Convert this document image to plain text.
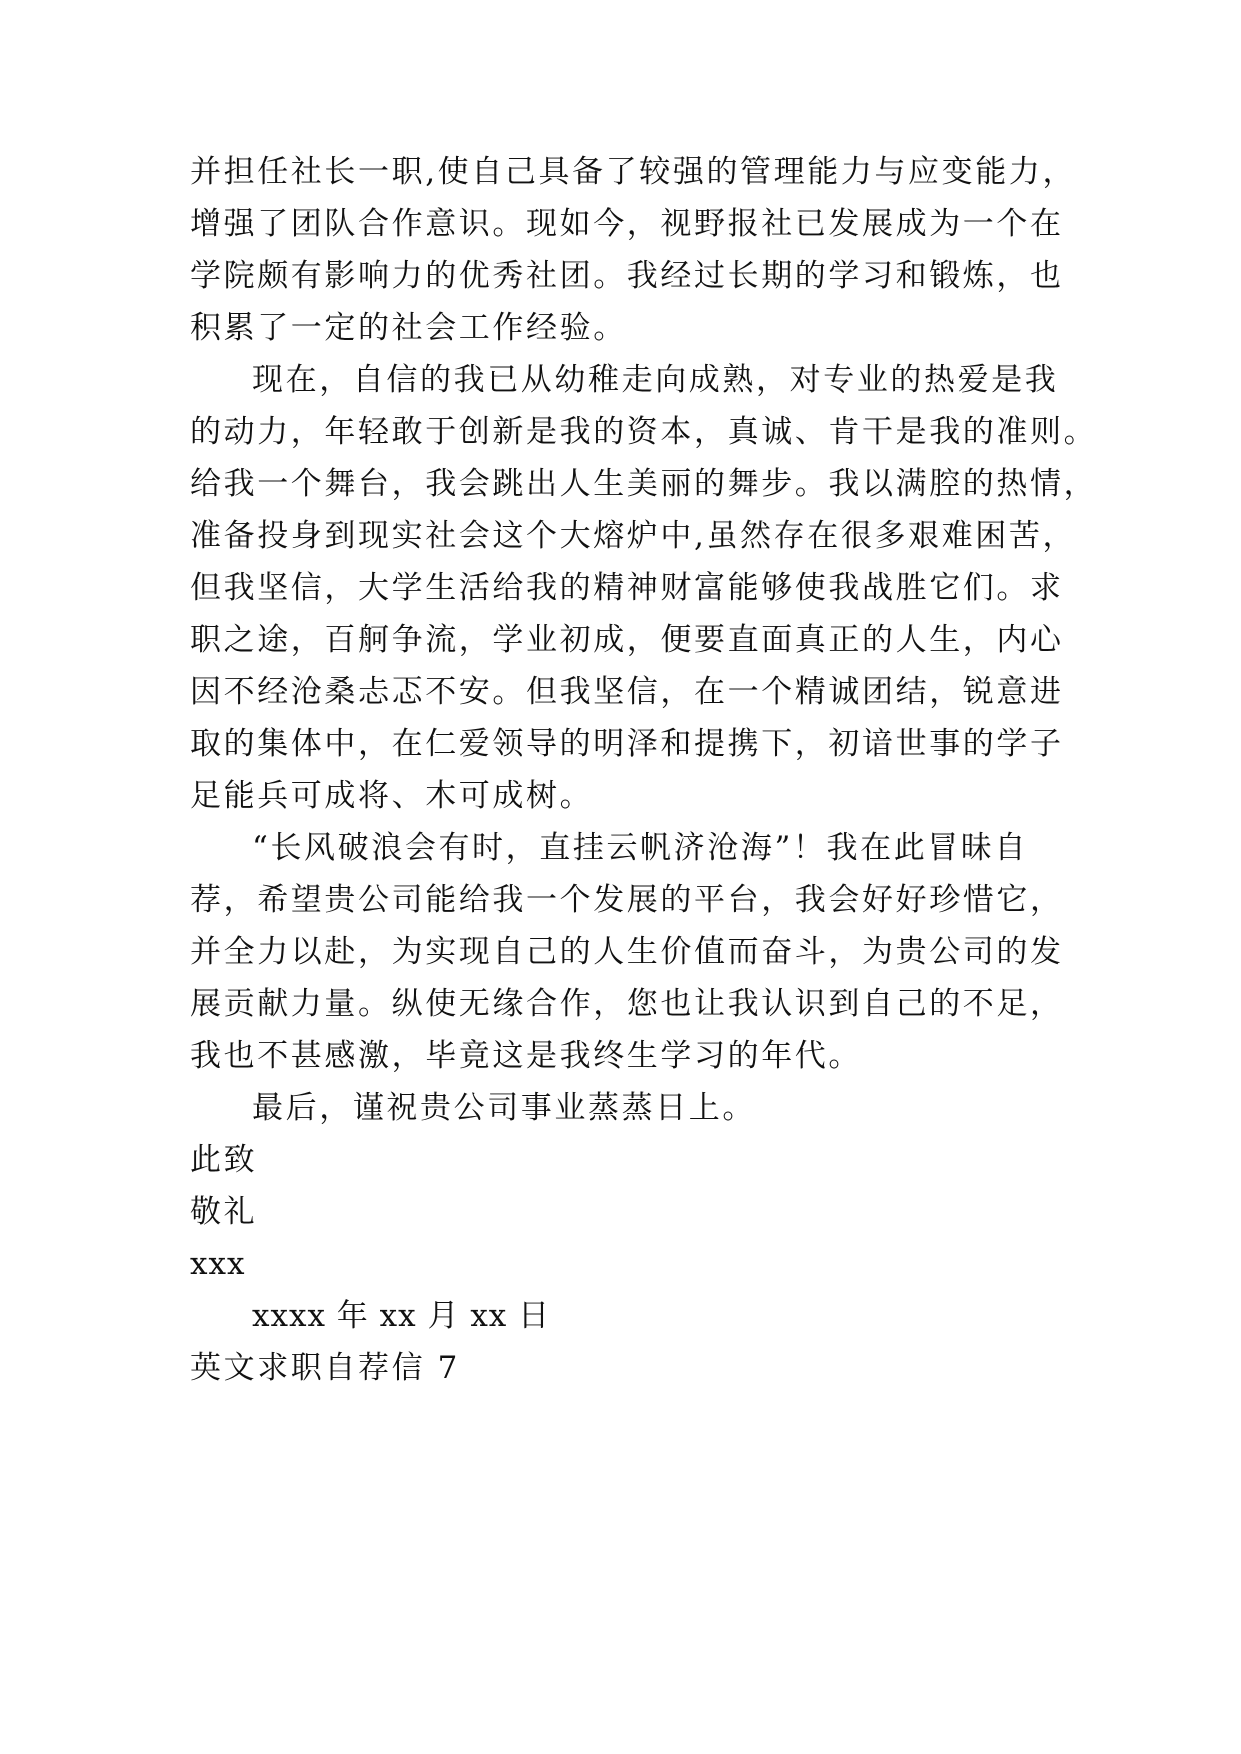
并担任社长一职,使自己具备了较强的管理能力与应变能力，
增强了团队合作意识。现如今，视野报社已发展成为一个在
学院颇有影响力的优秀社团。我经过长期的学习和锻炼，也
积累了一定的社会工作经验。
现在，自信的我已从幼稚走向成熟，对专业的热爱是我
的动力，年轻敢于创新是我的资本，真诚、肯干是我的准则。
给我一个舞台，我会跳出人生美丽的舞步。我以满腔的热情，
准备投身到现实社会这个大熔炉中,虽然存在很多艰难困苦，
但我坚信，大学生活给我的精神财富能够使我战胜它们。求
职之途，百舸争流，学业初成，便要直面真正的人生，内心
因不经沧桑忐忑不安。但我坚信，在一个精诚团结，锐意进
取的集体中，在仁爱领导的明泽和提携下，初谙世事的学子
足能兵可成将、木可成树。
“长风破浪会有时，直挂云帆济沧海”！我在此冒昧自
荐，希望贵公司能给我一个发展的平台，我会好好珍惜它，
并全力以赴，为实现自己的人生价值而奋斗，为贵公司的发
展贡献力量。纵使无缘合作，您也让我认识到自己的不足，
我也不甚感激，毕竟这是我终生学习的年代。
最后，谨祝贵公司事业蒸蒸日上。
此致
敬礼
xxx
xxxx 年 xx 月 xx 日
英文求职自荐信 7
